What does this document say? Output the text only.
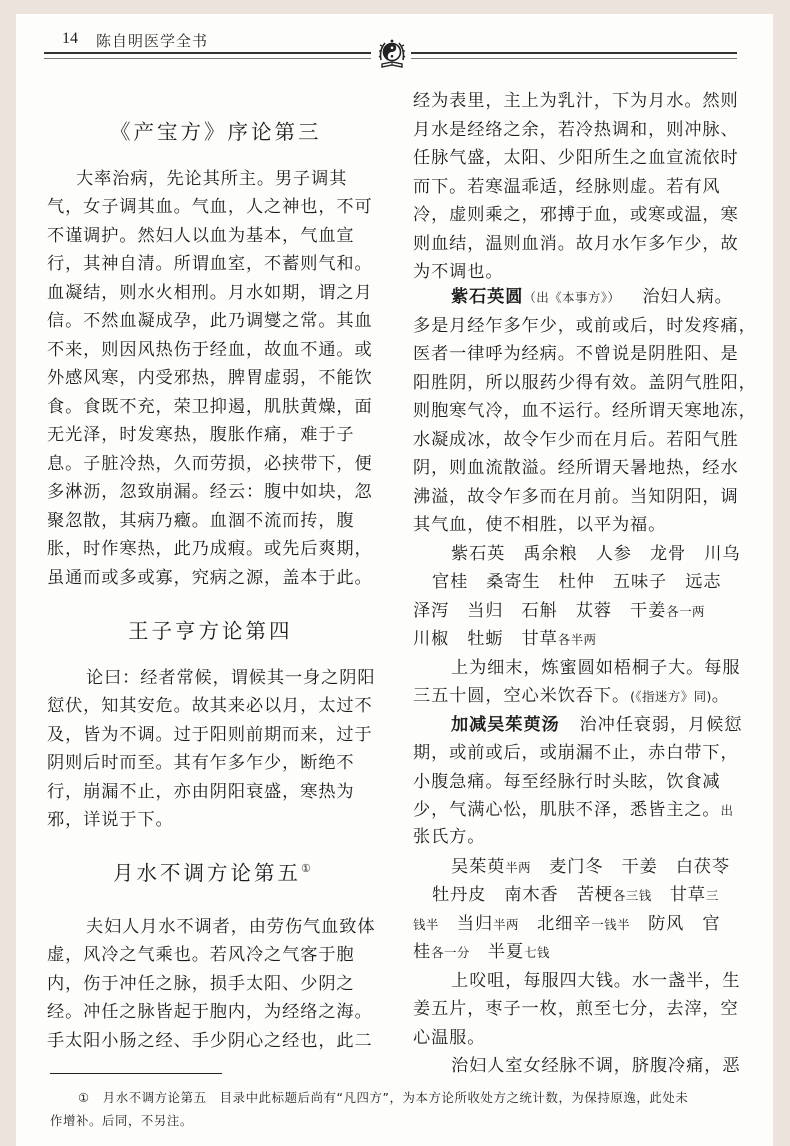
14 陈自明医学全书
《产宝方》序论第三
大率治病，先论其所主。男子调其
气，女子调其血。气血，人之神也，不可
不谨调护。然妇人以血为基本，气血宣
行，其神自清。所谓血室，不蓄则气和。
血凝结，则水火相刑。月水如期，谓之月
信。不然血凝成孕，此乃调燮之常。其血
不来，则因风热伤于经血，故血不通。或
外感风寒，内受邪热，脾胃虚弱，不能饮
食。食既不充，荣卫抑遏，肌肤黄燥，面
无光泽，时发寒热，腹胀作痛，难于子
息。子脏冷热，久而劳损，必挟带下，便
多淋沥，忽致崩漏。经云：腹中如块，忽
聚忽散，其病乃癥。血涸不流而抟，腹
胀，时作寒热，此乃成瘕。或先后爽期，
虽通而或多或寡，究病之源，盖本于此。
王子亨方论第四
论曰：经者常候，谓候其一身之阴阳
愆伏，知其安危。故其来必以月，太过不
及，皆为不调。过于阳则前期而来，过于
阴则后时而至。其有乍多乍少，断绝不
行，崩漏不止，亦由阴阳衰盛，寒热为
邪，详说于下。
月水不调方论第五①
夫妇人月水不调者，由劳伤气血致体
虚，风冷之气乘也。若风冷之气客于胞
内，伤于冲任之脉，损手太阳、少阴之
经。冲任之脉皆起于胞内，为经络之海。
手太阳小肠之经、手少阴心之经也，此二
经为表里，主上为乳汁，下为月水。然则
月水是经络之余，若冷热调和，则冲脉、
任脉气盛，太阳、少阳所生之血宣流依时
而下。若寒温乖适，经脉则虚。若有风
冷，虚则乘之，邪搏于血，或寒或温，寒
则血结，温则血消。故月水乍多乍少，故
为不调也。
紫石英圆（出《本事方》） 治妇人病。
多是月经乍多乍少，或前或后，时发疼痛，
医者一律呼为经病。不曾说是阴胜阳、是
阳胜阴，所以服药少得有效。盖阴气胜阳，
则胞寒气冷，血不运行。经所谓天寒地冻，
水凝成冰，故令乍少而在月后。若阳气胜
阴，则血流散溢。经所谓天暑地热，经水
沸溢，故令乍多而在月前。当知阴阳，调
其气血，使不相胜，以平为福。
紫石英　禹余粮　人参　龙骨　川乌
官桂　桑寄生　杜仲　五味子　远志
泽泻　当归　石斛　苁蓉　干姜各一两
川椒　牡蛎　甘草各半两
上为细末，炼蜜圆如梧桐子大。每服
三五十圆，空心米饮吞下。(《指迷方》同)。
加减吴茱萸汤 治冲任衰弱，月候愆
期，或前或后，或崩漏不止，赤白带下，
小腹急痛。每至经脉行时头眩，饮食减
少，气满心忪，肌肤不泽，悉皆主之。出
张氏方。
吴茱萸半两　 麦门冬　 干姜　 白茯苓
牡丹皮　 南木香　 苦梗各三钱　 甘草三
钱半　 当归半两　 北细辛一钱半　 防风　官
桂各一分　 半夏七钱
上㕮咀，每服四大钱。水一盏半，生
姜五片，枣子一枚，煎至七分，去滓，空
心温服。
治妇人室女经脉不调，脐腹冷痛，恶
①　 月水不调方论第五　目录中此标题后尚有“凡四方”，为本方论所收处方之统计数，为保持原逸，此处未
作增补。后同，不另注。
